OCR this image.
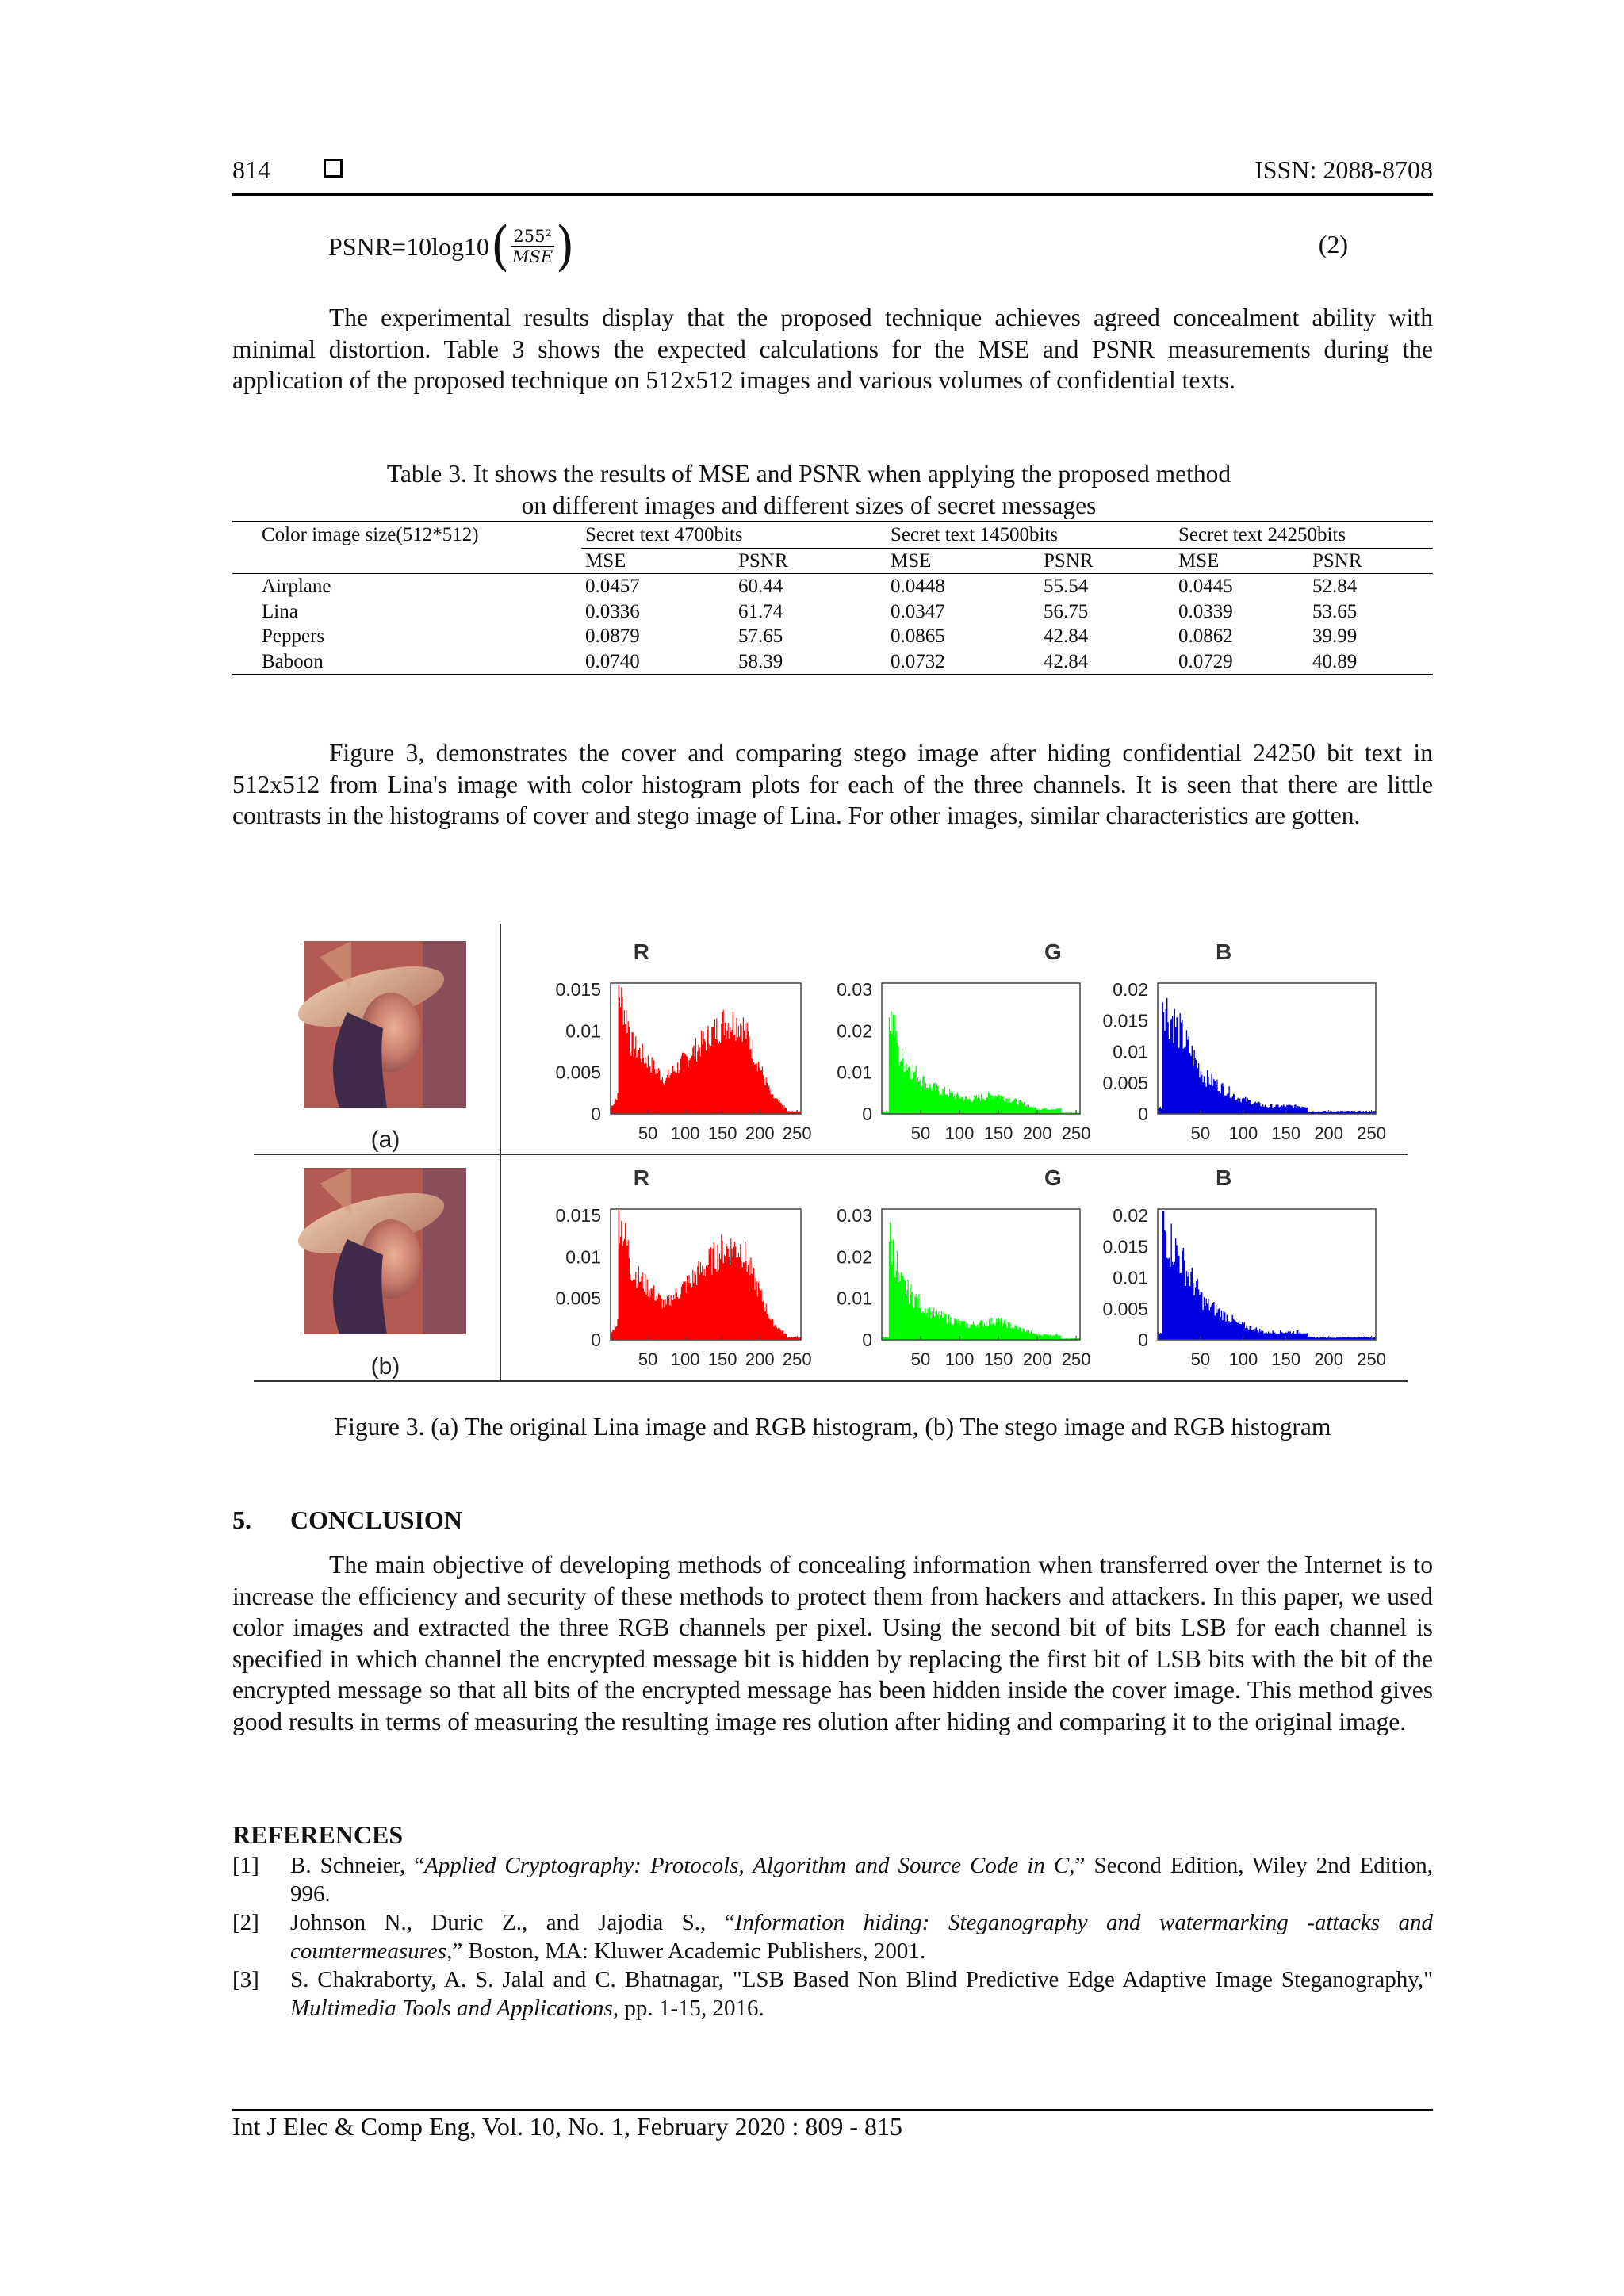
814	ISSN: 2088-8708
PSNR=10log10 ( $\frac{\text{255²}}{\text{MSE}}$ )	(2)
The experimental results display that the proposed technique achieves agreed concealment ability with minimal distortion. Table 3 shows the expected calculations for the MSE and PSNR measurements during the application of the proposed technique on 512x512 images and various volumes of confidential texts.
Table 3. It shows the results of MSE and PSNR when applying the proposed method
on different images and different sizes of secret messages
Color image size(512*512)	Secret text 4700bits	Secret text 14500bits	Secret text 24250bits
MSE	PSNR	MSE	PSNR	MSE	PSNR
Airplane	0.0457	60.44	0.0448	55.54	0.0445	52.84
Lina	0.0336	61.74	0.0347	56.75	0.0339	53.65
Peppers	0.0879	57.65	0.0865	42.84	0.0862	39.99
Baboon	0.0740	58.39	0.0732	42.84	0.0729	40.89
Figure 3, demonstrates the cover and comparing stego image after hiding confidential 24250 bit text in 512x512 from Lina's image with color histogram plots for each of the three channels. It is seen that there are little contrasts in the histograms of cover and stego image of Lina. For other images, similar characteristics are gotten.
(a)
(b)
R
0.015
0.01
0.005
0
50 100 150 200 250
G
0.03
0.02
0.01
0
50 100 150 200 250
B
0.02
0.015
0.01
0.005
0
50 100 150 200 250
R
0.015
0.01
0.005
0
50 100 150 200 250
G
0.03
0.02
0.01
0
50 100 150 200 250
B
0.02
0.015
0.01
0.005
0
50 100 150 200 250
Figure 3. (a) The original Lina image and RGB histogram, (b) The stego image and RGB histogram
5. CONCLUSION
The main objective of developing methods of concealing information when transferred over the Internet is to increase the efficiency and security of these methods to protect them from hackers and attackers. In this paper, we used color images and extracted the three RGB channels per pixel. Using the second bit of bits LSB for each channel is specified in which channel the encrypted message bit is hidden by replacing the first bit of LSB bits with the bit of the encrypted message so that all bits of the encrypted message has been hidden inside the cover image. This method gives good results in terms of measuring the resulting image res olution after hiding and comparing it to the original image.
REFERENCES
[1] B. Schneier, “Applied Cryptography: Protocols, Algorithm and Source Code in C,” Second Edition, Wiley 2nd Edition, 996.
[2] Johnson N., Duric Z., and Jajodia S., “Information hiding: Steganography and watermarking -attacks and countermeasures,” Boston, MA: Kluwer Academic Publishers, 2001.
[3] S. Chakraborty, A. S. Jalal and C. Bhatnagar, "LSB Based Non Blind Predictive Edge Adaptive Image Steganography," Multimedia Tools and Applications, pp. 1-15, 2016.
Int J Elec & Comp Eng, Vol. 10, No. 1, February 2020 : 809 - 815
